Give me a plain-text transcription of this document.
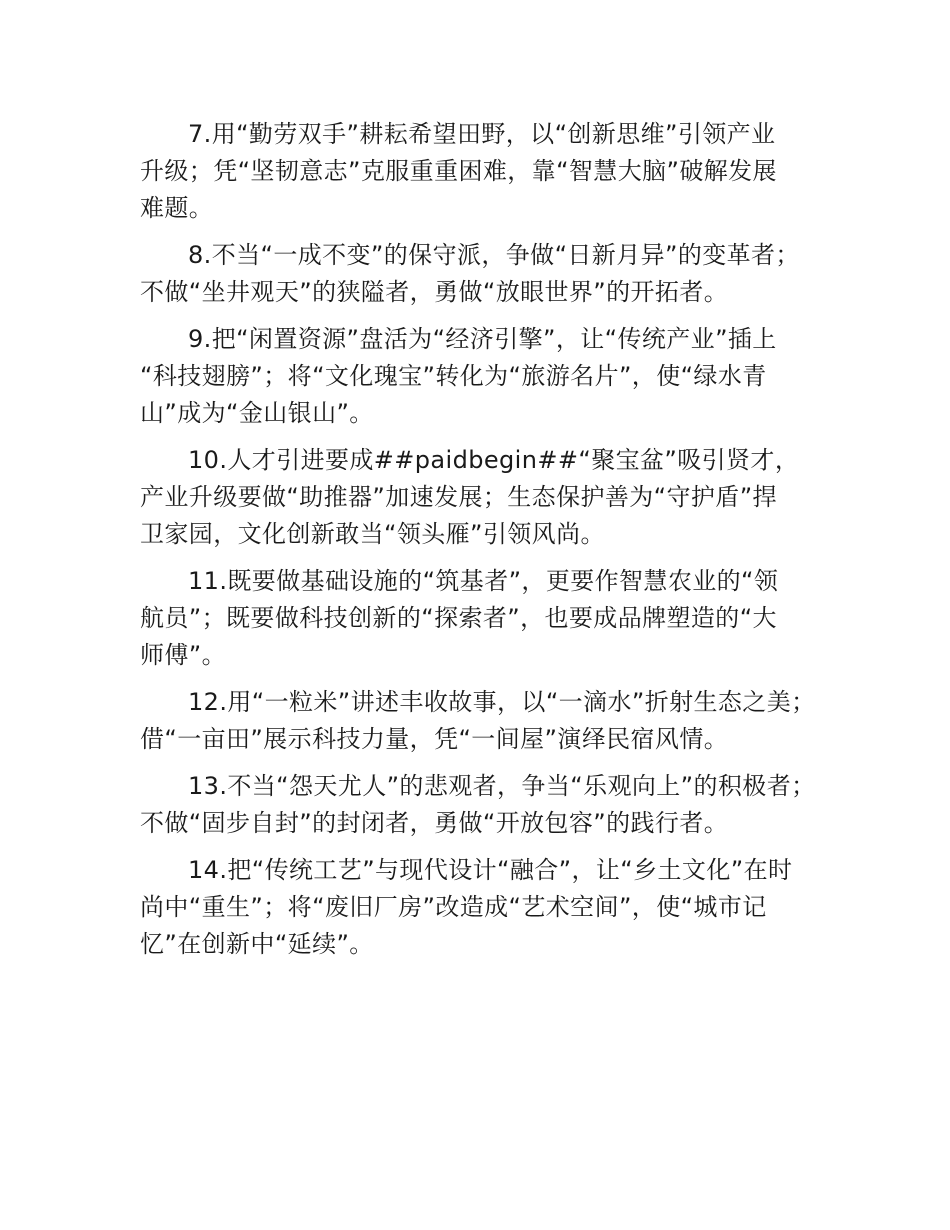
7.用“勤劳双手”耕耘希望田野，以“创新思维”引领产业
升级；凭“坚韧意志”克服重重困难，靠“智慧大脑”破解发展
难题。

8.不当“一成不变”的保守派，争做“日新月异”的变革者；
不做“坐井观天”的狭隘者，勇做“放眼世界”的开拓者。

9.把“闲置资源”盘活为“经济引擎”，让“传统产业”插上
“科技翅膀”；将“文化瑰宝”转化为“旅游名片”，使“绿水青
山”成为“金山银山”。

10.人才引进要成##paidbegin##“聚宝盆”吸引贤才，
产业升级要做“助推器”加速发展；生态保护善为“守护盾”捍
卫家园，文化创新敢当“领头雁”引领风尚。

11.既要做基础设施的“筑基者”，更要作智慧农业的“领
航员”；既要做科技创新的“探索者”，也要成品牌塑造的“大
师傅”。

12.用“一粒米”讲述丰收故事，以“一滴水”折射生态之美；
借“一亩田”展示科技力量，凭“一间屋”演绎民宿风情。

13.不当“怨天尤人”的悲观者，争当“乐观向上”的积极者；
不做“固步自封”的封闭者，勇做“开放包容”的践行者。

14.把“传统工艺”与现代设计“融合”，让“乡土文化”在时
尚中“重生”；将“废旧厂房”改造成“艺术空间”，使“城市记
忆”在创新中“延续”。
